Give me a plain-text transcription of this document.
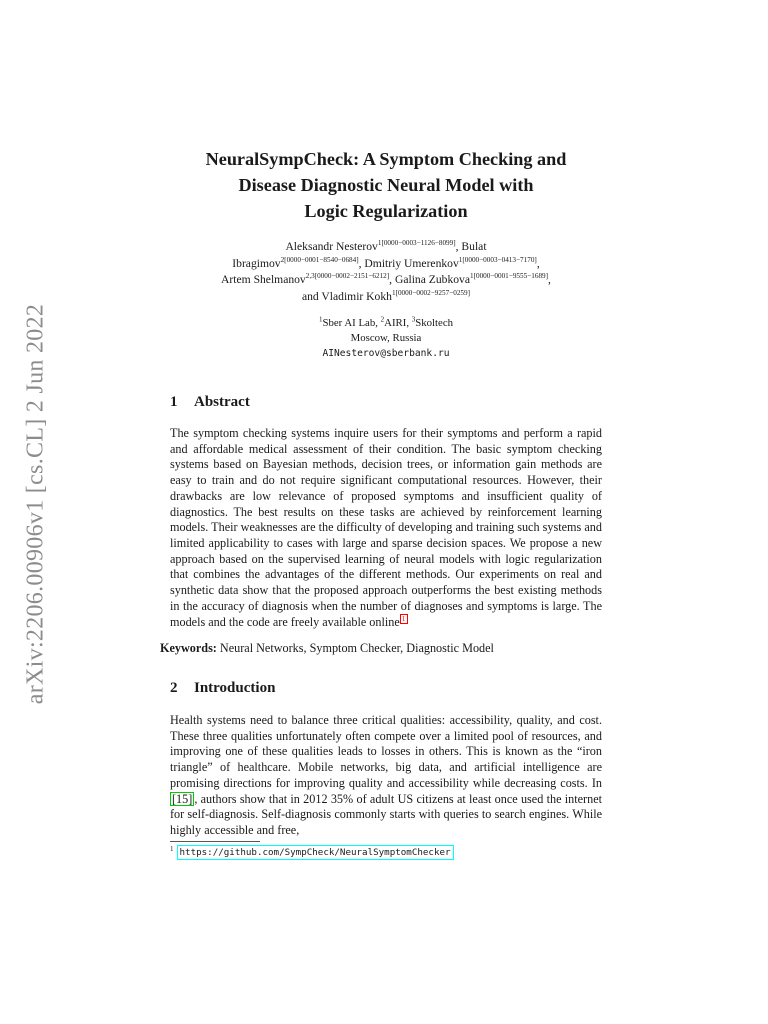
arXiv:2206.00906v1 [cs.CL] 2 Jun 2022
NeuralSympCheck: A Symptom Checking and
Disease Diagnostic Neural Model with
Logic Regularization
Aleksandr Nesterov$^{1[0000-0003-1126-8099]}$, Bulat
Ibragimov$^{2[0000-0001-8540-0684]}$, Dmitriy Umerenkov$^{1[0000-0003-0413-7170]}$,
Artem Shelmanov$^{2,3[0000-0002-2151-6212]}$, Galina Zubkova$^{1[0000-0001-9555-1689]}$,
and Vladimir Kokh$^{1[0000-0002-9257-0259]}$
$^1$Sber AI Lab, $^2$AIRI, $^3$Skoltech
Moscow, Russia
AINesterov@sberbank.ru
1 Abstract
The symptom checking systems inquire users for their symptoms and perform a rapid and affordable medical assessment of their condition. The basic symptom checking systems based on Bayesian methods, decision trees, or information gain methods are easy to train and do not require significant computational resources. However, their drawbacks are low relevance of proposed symptoms and insufficient quality of diagnostics. The best results on these tasks are achieved by reinforcement learning models. Their weaknesses are the difficulty of developing and training such systems and limited applicability to cases with large and sparse decision spaces. We propose a new approach based on the supervised learning of neural models with logic regularization that combines the advantages of the different methods. Our experiments on real and synthetic data show that the proposed approach outperforms the best existing methods in the accuracy of diagnosis when the number of diagnoses and symptoms is large. The models and the code are freely available online 1
Keywords: Neural Networks, Symptom Checker, Diagnostic Model
2 Introduction
Health systems need to balance three critical qualities: accessibility, quality, and cost. These three qualities unfortunately often compete over a limited pool of resources, and improving one of these qualities leads to losses in others. This is known as the “iron triangle” of healthcare. Mobile networks, big data, and artificial intelligence are promising directions for improving quality and accessibility while decreasing costs. In [15] , authors show that in 2012 35% of adult US citizens at least once used the internet for self-diagnosis. Self-diagnosis commonly starts with queries to search engines. While highly accessible and free,
$^1$ https://github.com/SympCheck/NeuralSymptomChecker
